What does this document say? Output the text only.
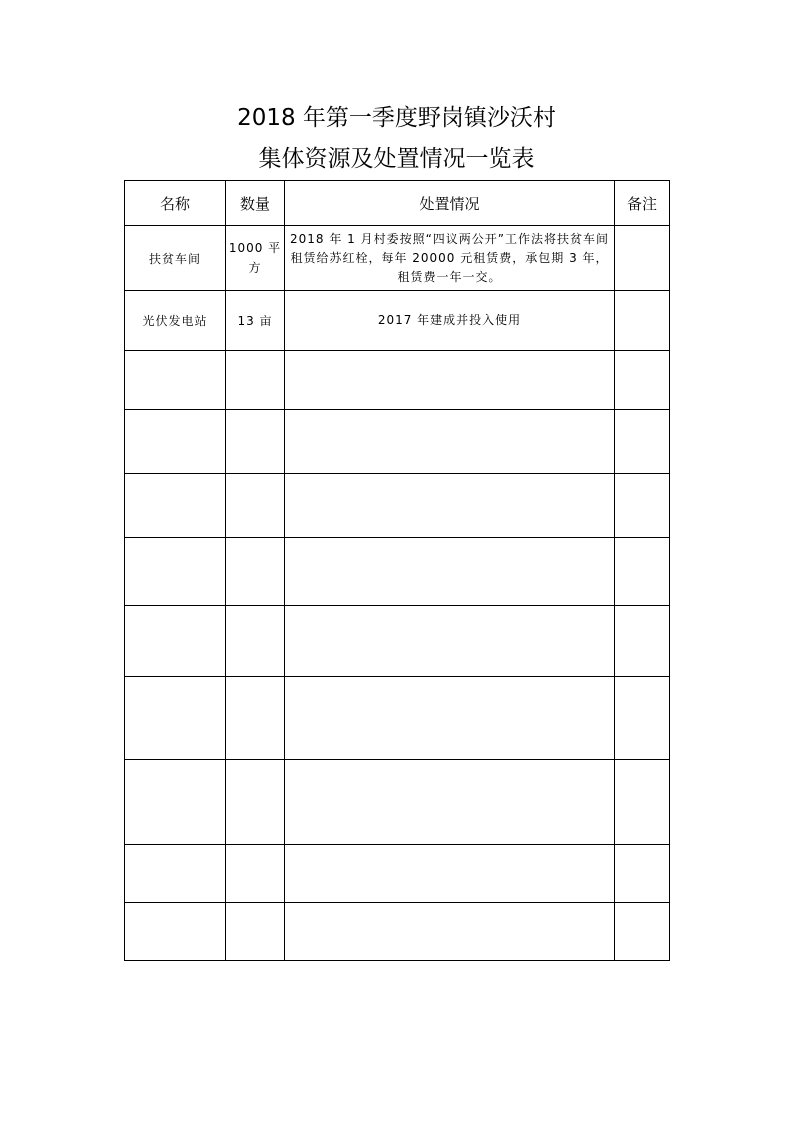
2018 年第一季度野岗镇沙沃村
集体资源及处置情况一览表
名称	数量	处置情况	备注
扶贫车间	1000 平方	2018 年 1 月村委按照“四议两公开”工作法将扶贫车间租赁给苏红栓，每年 20000 元租赁费，承包期 3 年，租赁费一年一交。	
光伏发电站	13 亩	2017 年建成并投入使用	
